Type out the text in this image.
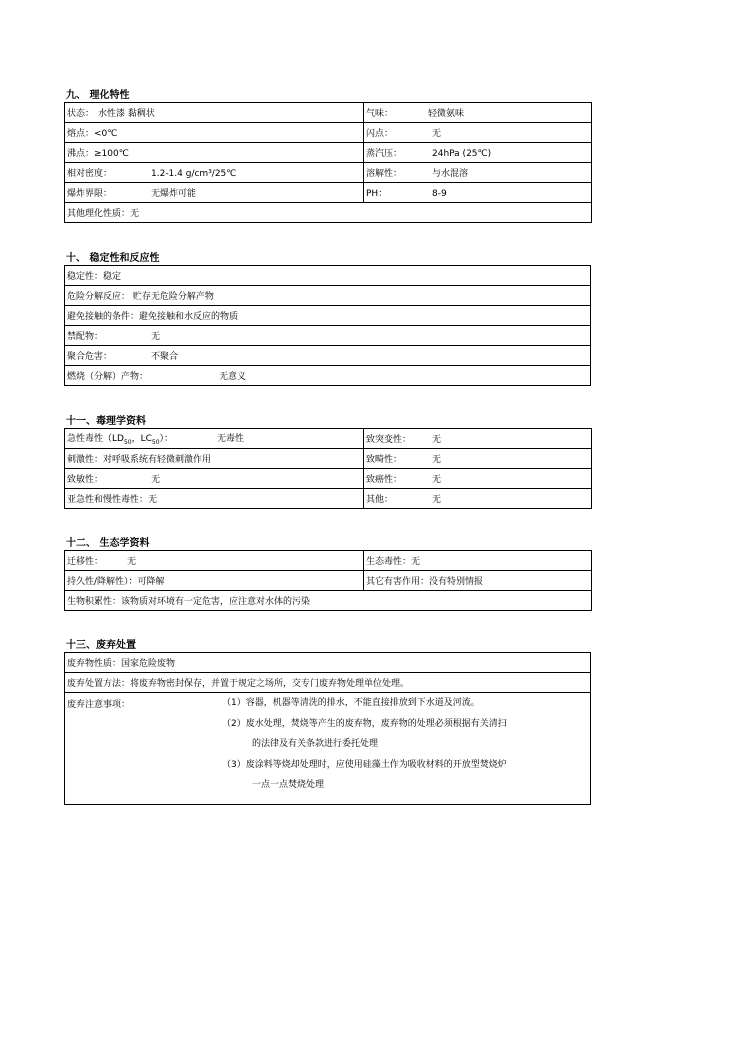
九、 理化特性
状态： 水性漆 黏稠状	气味： 轻微氨味
熔点：<0℃	闪点： 无
沸点：≥100℃	蒸汽压： 24hPa (25℃)
相对密度： 1.2-1.4 g/cm³/25℃	溶解性： 与水混溶
爆炸界限： 无爆炸可能	PH： 8-9
其他理化性质：无	
十、 稳定性和反应性
稳定性：稳定
危险分解反应： 贮存无危险分解产物
避免接触的条件：避免接触和水反应的物质
禁配物：	无
聚合危害：	不聚合
燃烧（分解）产物：	无意义
十一、毒理学资料
急性毒性（$LD_{50}$，$LC_{50}$）： 无毒性	致突变性： 无
刺激性：对呼吸系统有轻微刺激作用	致畸性： 无
致敏性： 无	致癌性： 无
亚急性和慢性毒性：无	其他： 无
十二、 生态学资料
迁移性： 无	生态毒性：无
持久性/降解性）：可降解	其它有害作用：没有特别情报
生物积累性：该物质对环境有一定危害，应注意对水体的污染	
十三、废弃处置
废弃物性质：国家危险废物
废弃处置方法：将废弃物密封保存，并置于规定之场所，交专门废弃物处理单位处理。
废弃注意事项：	（1）容器，机器等清洗的排水，不能直接排放到下水道及河流。
（2）废水处理，焚烧等产生的废弃物，废弃物的处理必须根据有关清扫
的法律及有关条款进行委托处理
（3）废涂料等烧却处理时，应使用硅藻土作为吸收材料的开放型焚烧炉
一点一点焚烧处理
